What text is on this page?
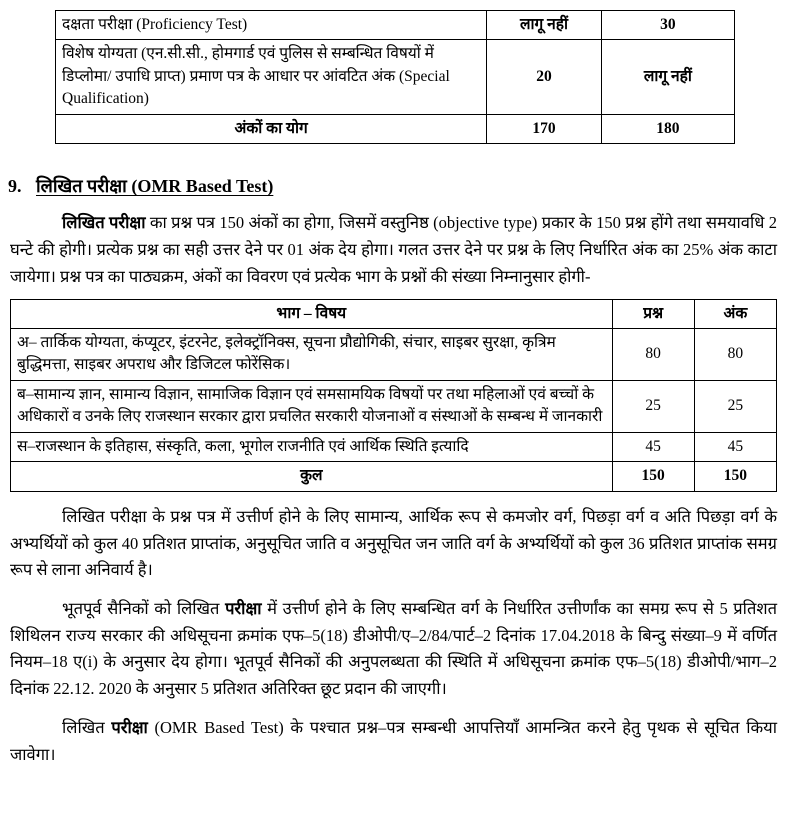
दक्षता परीक्षा (Proficiency Test)	लागू नहीं	30
विशेष योग्यता (एन.सी.सी., होमगार्ड एवं पुलिस से सम्बन्धित विषयों में डिप्लोमा/ उपाधि प्राप्त) प्रमाण पत्र के आधार पर आंवटित अंक (Special Qualification)	20	लागू नहीं
अंकों का योग	170	180
9. लिखित परीक्षा (OMR Based Test)
लिखित परीक्षा का प्रश्न पत्र 150 अंकों का होगा, जिसमें वस्तुनिष्ठ (objective type) प्रकार के 150 प्रश्न होंगे तथा समयावधि 2 घन्टे की होगी। प्रत्येक प्रश्न का सही उत्तर देने पर 01 अंक देय होगा। गलत उत्तर देने पर प्रश्न के लिए निर्धारित अंक का 25% अंक काटा जायेगा। प्रश्न पत्र का पाठ्यक्रम, अंकों का विवरण एवं प्रत्येक भाग के प्रश्नों की संख्या निम्नानुसार होगी-
भाग – विषय	प्रश्न	अंक
अ– तार्किक योग्यता, कंप्यूटर, इंटरनेट, इलेक्ट्रॉनिक्स, सूचना प्रौद्योगिकी, संचार, साइबर सुरक्षा, कृत्रिम बुद्धिमत्ता, साइबर अपराध और डिजिटल फोरेंसिक।	80	80
ब–सामान्य ज्ञान, सामान्य विज्ञान, सामाजिक विज्ञान एवं समसामयिक विषयों पर तथा महिलाओं एवं बच्चों के अधिकारों व उनके लिए राजस्थान सरकार द्वारा प्रचलित सरकारी योजनाओं व संस्थाओं के सम्बन्ध में जानकारी	25	25
स–राजस्थान के इतिहास, संस्कृति, कला, भूगोल राजनीति एवं आर्थिक स्थिति इत्यादि	45	45
कुल	150	150
लिखित परीक्षा के प्रश्न पत्र में उत्तीर्ण होने के लिए सामान्य, आर्थिक रूप से कमजोर वर्ग, पिछड़ा वर्ग व अति पिछड़ा वर्ग के अभ्यर्थियों को कुल 40 प्रतिशत प्राप्तांक, अनुसूचित जाति व अनुसूचित जन जाति वर्ग के अभ्यर्थियों को कुल 36 प्रतिशत प्राप्तांक समग्र रूप से लाना अनिवार्य है।
भूतपूर्व सैनिकों को लिखित परीक्षा में उत्तीर्ण होने के लिए सम्बन्धित वर्ग के निर्धारित उत्तीर्णांक का समग्र रूप से 5 प्रतिशत शिथिलन राज्य सरकार की अधिसूचना क्रमांक एफ–5(18) डीओपी/ए–2/84/पार्ट–2 दिनांक 17.04.2018 के बिन्दु संख्या–9 में वर्णित नियम–18 ए(i) के अनुसार देय होगा। भूतपूर्व सैनिकों की अनुपलब्धता की स्थिति में अधिसूचना क्रमांक एफ–5(18) डीओपी/भाग–2 दिनांक 22.12. 2020 के अनुसार 5 प्रतिशत अतिरिक्त छूट प्रदान की जाएगी।
लिखित परीक्षा (OMR Based Test) के पश्चात प्रश्न–पत्र सम्बन्धी आपत्तियाँ आमन्त्रित करने हेतु पृथक से सूचित किया जावेगा।
